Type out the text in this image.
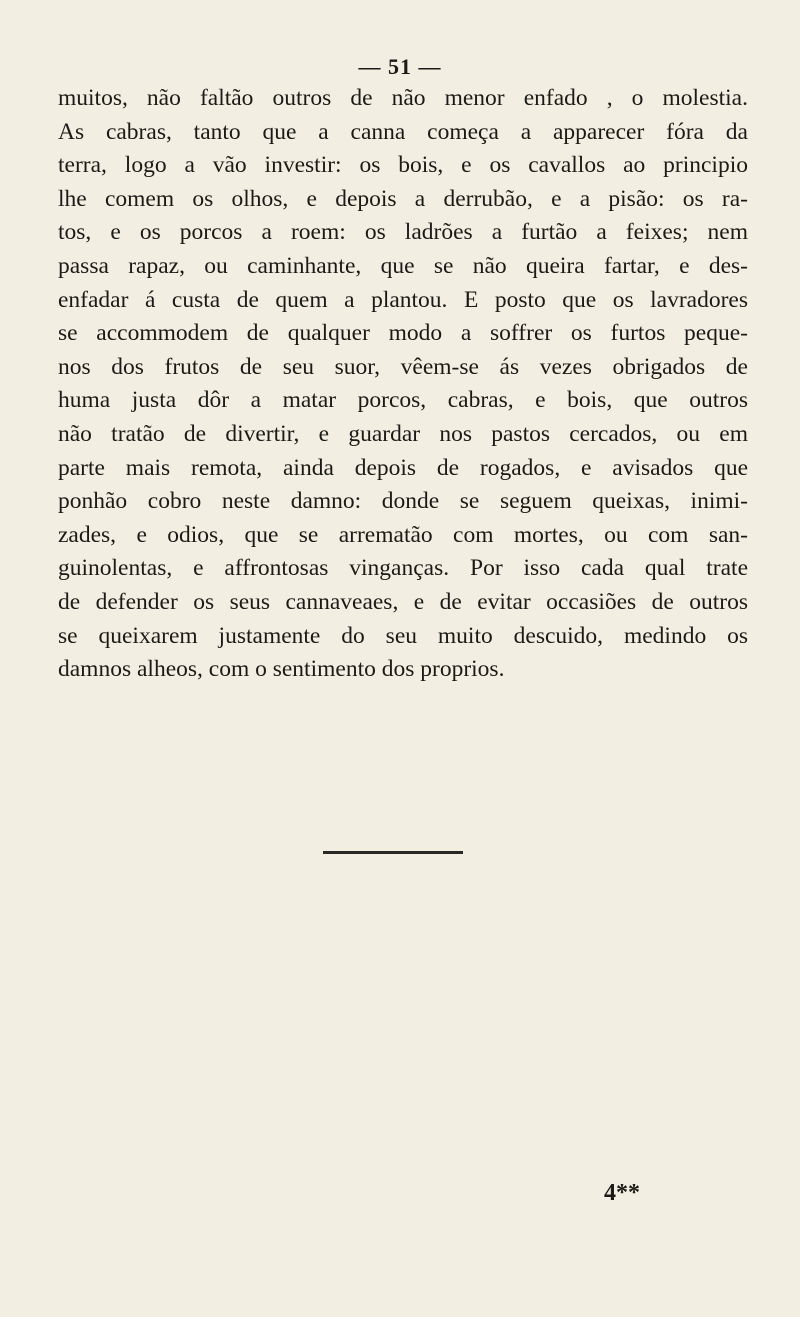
— 51 —
muitos, não faltão outros de não menor enfado , o molestia.
As cabras, tanto que a canna começa a apparecer fóra da
terra, logo a vão investir: os bois, e os cavallos ao principio
lhe comem os olhos, e depois a derrubão, e a pisão: os ra-
tos, e os porcos a roem: os ladrões a furtão a feixes; nem
passa rapaz, ou caminhante, que se não queira fartar, e des-
enfadar á custa de quem a plantou. E posto que os lavradores
se accommodem de qualquer modo a soffrer os furtos peque-
nos dos frutos de seu suor, vêem-se ás vezes obrigados de
huma justa dôr a matar porcos, cabras, e bois, que outros
não tratão de divertir, e guardar nos pastos cercados, ou em
parte mais remota, ainda depois de rogados, e avisados que
ponhão cobro neste damno: donde se seguem queixas, inimi-
zades, e odios, que se arrematão com mortes, ou com san-
guinolentas, e affrontosas vinganças. Por isso cada qual trate
de defender os seus cannaveaes, e de evitar occasiões de outros
se queixarem justamente do seu muito descuido, medindo os
damnos alheos, com o sentimento dos proprios.
4**
